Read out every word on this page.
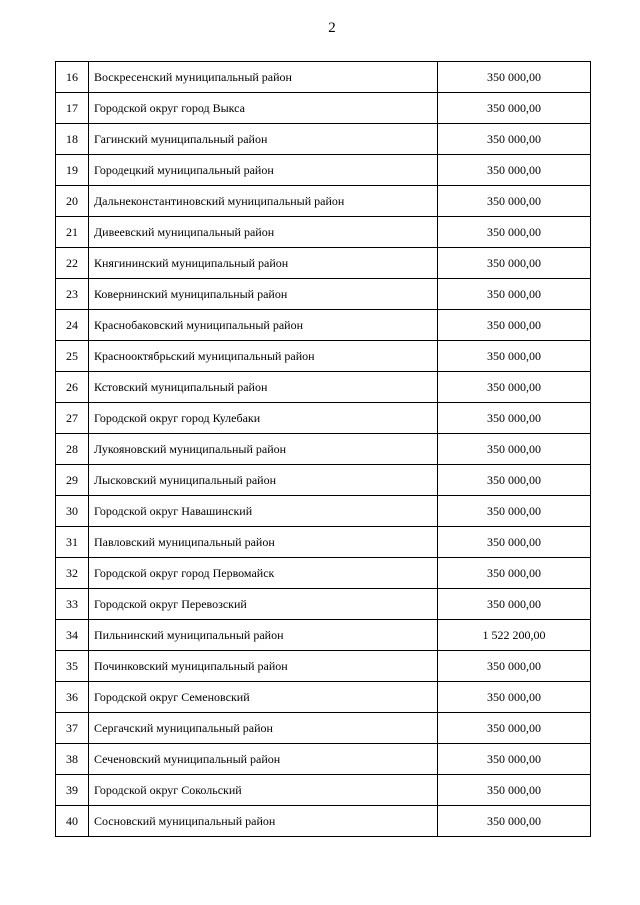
2
16	Воскресенский муниципальный район	350 000,00
17	Городской округ город Выкса	350 000,00
18	Гагинский муниципальный район	350 000,00
19	Городецкий муниципальный район	350 000,00
20	Дальнеконстантиновский муниципальный район	350 000,00
21	Дивеевский муниципальный район	350 000,00
22	Княгининский муниципальный район	350 000,00
23	Ковернинский муниципальный район	350 000,00
24	Краснобаковский муниципальный район	350 000,00
25	Краснооктябрьский муниципальный район	350 000,00
26	Кстовский муниципальный район	350 000,00
27	Городской округ город Кулебаки	350 000,00
28	Лукояновский муниципальный район	350 000,00
29	Лысковский муниципальный район	350 000,00
30	Городской округ Навашинский	350 000,00
31	Павловский муниципальный район	350 000,00
32	Городской округ город Первомайск	350 000,00
33	Городской округ Перевозский	350 000,00
34	Пильнинский муниципальный район	1 522 200,00
35	Починковский муниципальный район	350 000,00
36	Городской округ Семеновский	350 000,00
37	Сергачский муниципальный район	350 000,00
38	Сеченовский муниципальный район	350 000,00
39	Городской округ Сокольский	350 000,00
40	Сосновский муниципальный район	350 000,00
